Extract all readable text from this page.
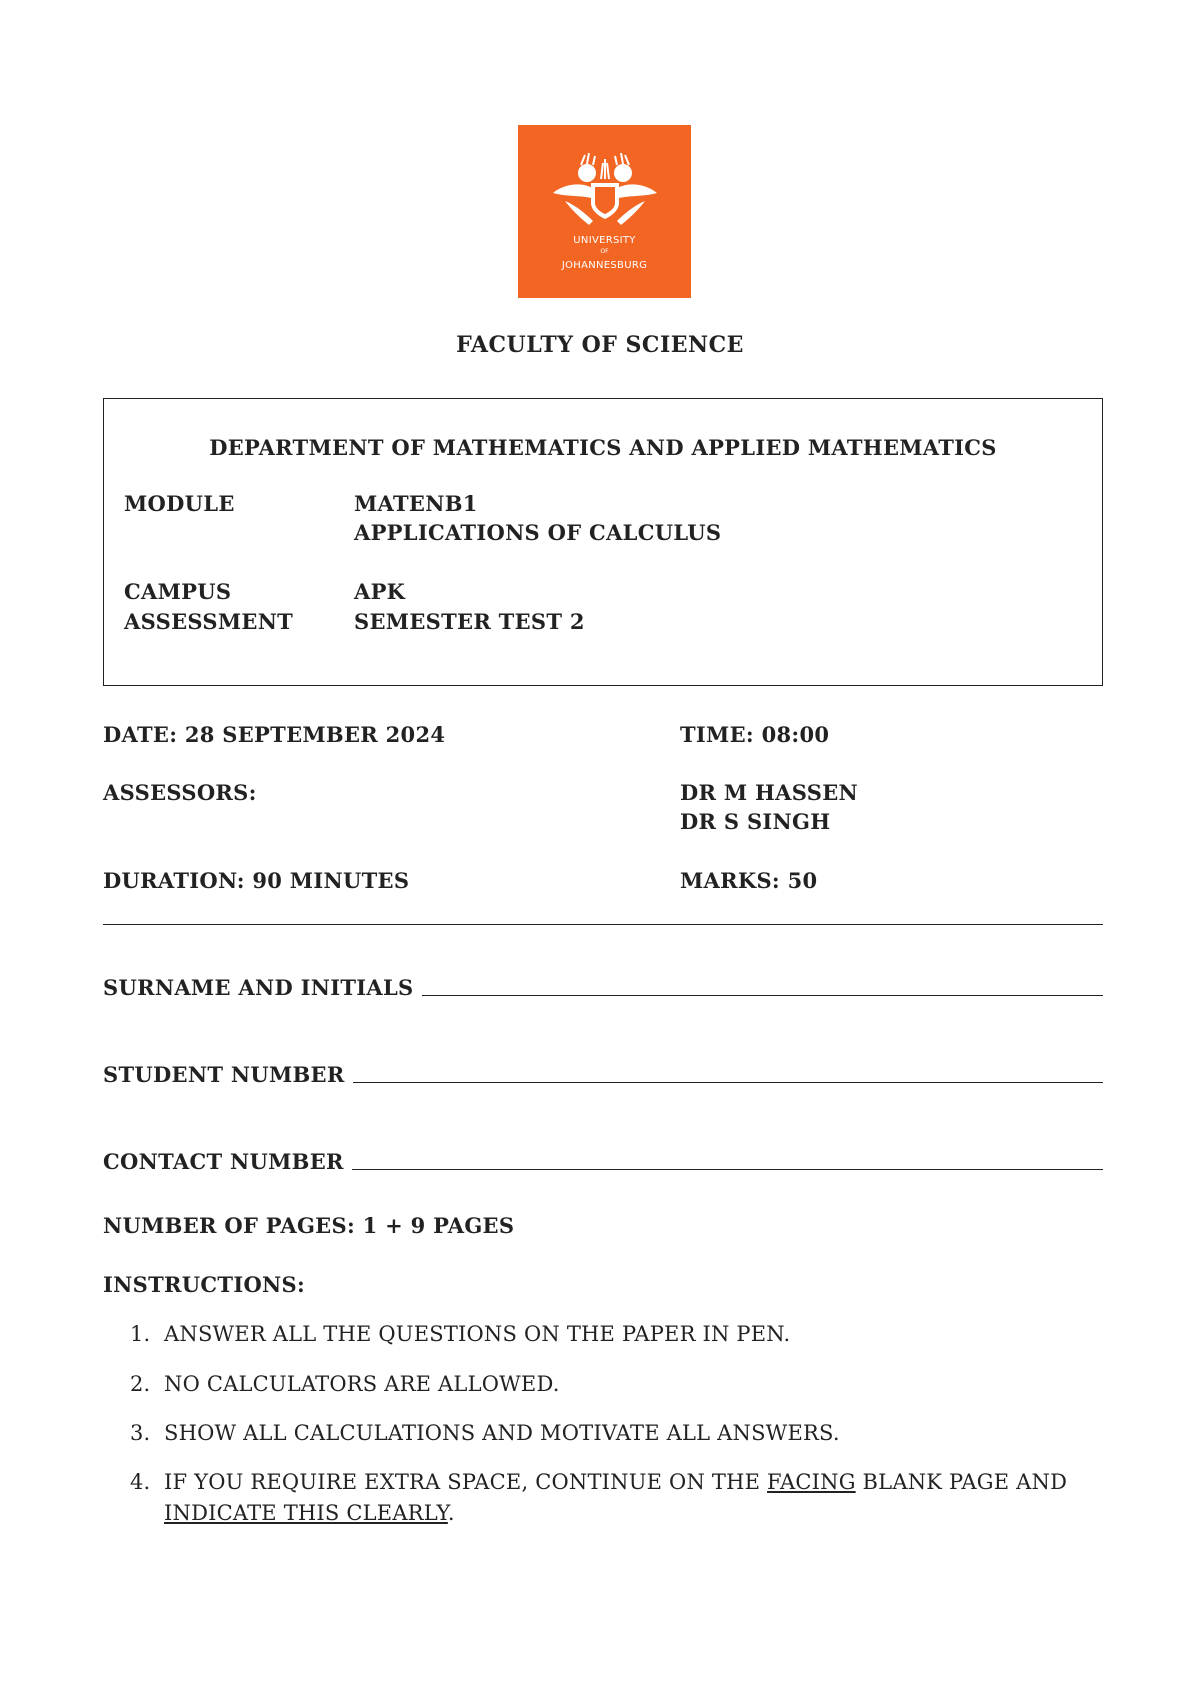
UNIVERSITY
OF
JOHANNESBURG
FACULTY OF SCIENCE
DEPARTMENT OF MATHEMATICS AND APPLIED MATHEMATICS
MODULE	MATENB1
APPLICATIONS OF CALCULUS
CAMPUS	APK
ASSESSMENT	SEMESTER TEST 2
DATE: 28 SEPTEMBER 2024	TIME: 08:00
ASSESSORS:	DR M HASSEN
DR S SINGH
DURATION: 90 MINUTES	MARKS: 50
SURNAME AND INITIALS
STUDENT NUMBER
CONTACT NUMBER
NUMBER OF PAGES: 1 + 9 PAGES
INSTRUCTIONS:
1. ANSWER ALL THE QUESTIONS ON THE PAPER IN PEN.
2. NO CALCULATORS ARE ALLOWED.
3. SHOW ALL CALCULATIONS AND MOTIVATE ALL ANSWERS.
4. IF YOU REQUIRE EXTRA SPACE, CONTINUE ON THE FACING BLANK PAGE AND
INDICATE THIS CLEARLY.
